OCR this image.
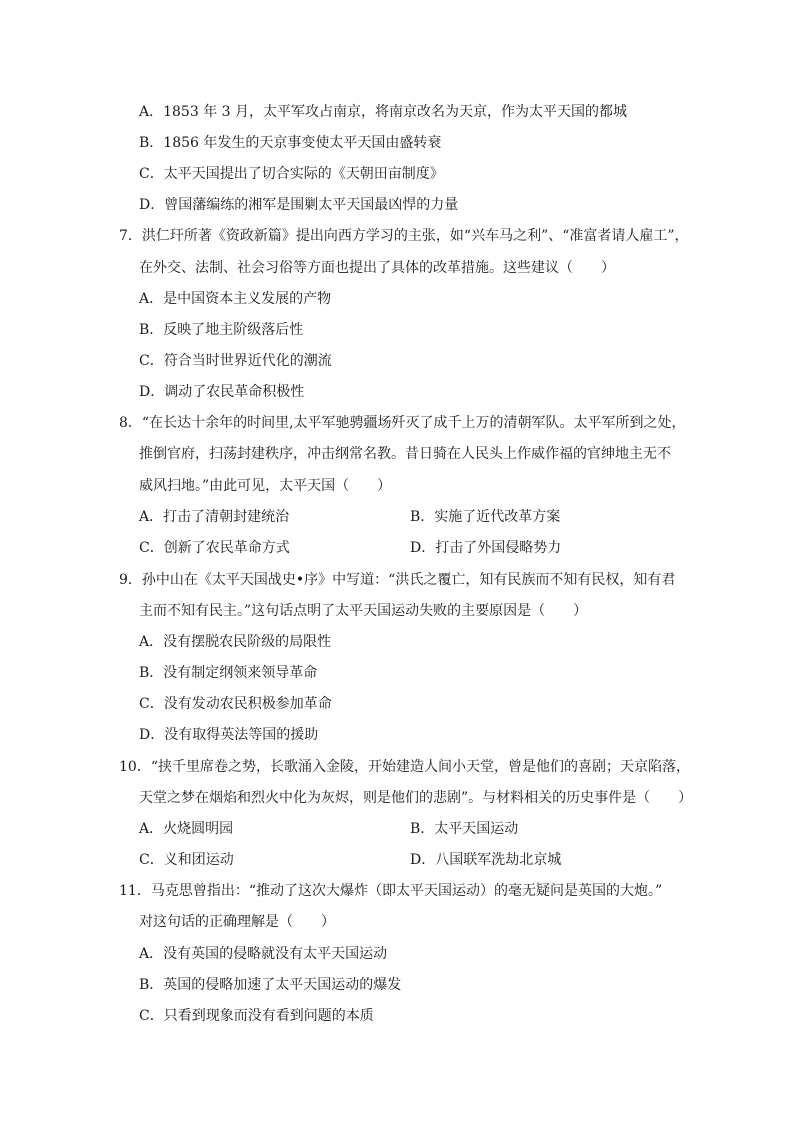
A．1853 年 3 月，太平军攻占南京，将南京改名为天京，作为太平天国的都城
B．1856 年发生的天京事变使太平天国由盛转衰
C．太平天国提出了切合实际的《天朝田亩制度》
D．曾国藩编练的湘军是围剿太平天国最凶悍的力量
7．洪仁玕所著《资政新篇》提出向西方学习的主张，如“兴车马之利”、“准富者请人雇工”，
在外交、法制、社会习俗等方面也提出了具体的改革措施。这些建议（　　）
A．是中国资本主义发展的产物
B．反映了地主阶级落后性
C．符合当时世界近代化的潮流
D．调动了农民革命积极性
8．“在长达十余年的时间里,太平军驰骋疆场歼灭了成千上万的清朝军队。太平军所到之处，
推倒官府，扫荡封建秩序，冲击纲常名教。昔日骑在人民头上作威作福的官绅地主无不
威风扫地。”由此可见，太平天国（　　）
A．打击了清朝封建统治	B．实施了近代改革方案
C．创新了农民革命方式	D．打击了外国侵略势力
9．孙中山在《太平天国战史•序》中写道：“洪氏之覆亡，知有民族而不知有民权，知有君
主而不知有民主。”这句话点明了太平天国运动失败的主要原因是（　　）
A．没有摆脱农民阶级的局限性
B．没有制定纲领来领导革命
C．没有发动农民积极参加革命
D．没有取得英法等国的援助
10．“挟千里席卷之势，长歌涌入金陵，开始建造人间小天堂，曾是他们的喜剧；天京陷落，
天堂之梦在烟焰和烈火中化为灰烬，则是他们的悲剧”。与材料相关的历史事件是（　　）
A．火烧圆明园	B．太平天国运动
C．义和团运动	D．八国联军洗劫北京城
11．马克思曾指出：“推动了这次大爆炸（即太平天国运动）的毫无疑问是英国的大炮。”
对这句话的正确理解是（　　）
A．没有英国的侵略就没有太平天国运动
B．英国的侵略加速了太平天国运动的爆发
C．只看到现象而没有看到问题的本质
